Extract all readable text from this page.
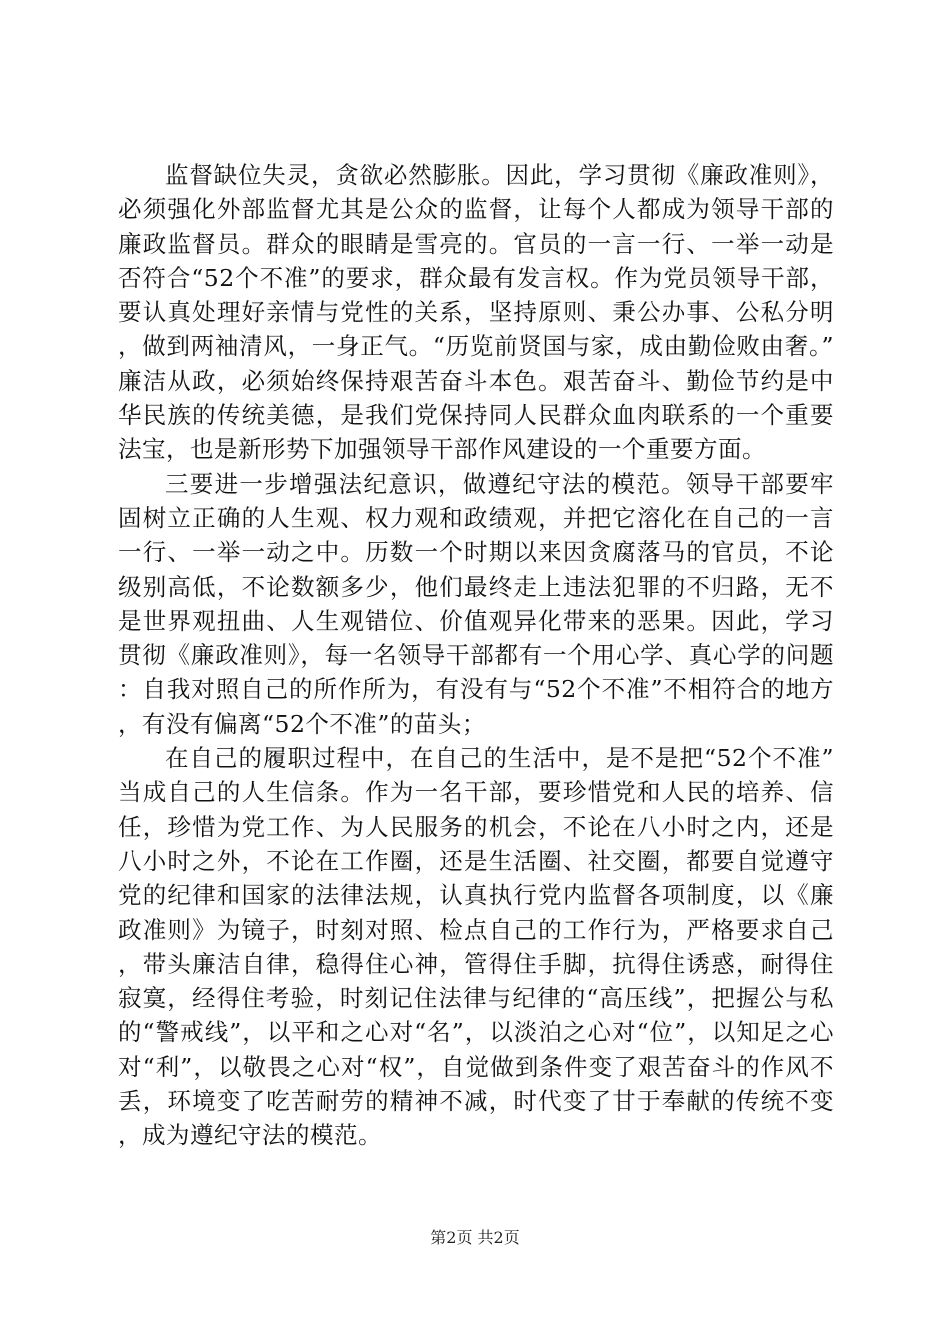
监督缺位失灵，贪欲必然膨胀。因此，学习贯彻《廉政准则》，必须强化外部监督尤其是公众的监督，让每个人都成为领导干部的廉政监督员。群众的眼睛是雪亮的。官员的一言一行、一举一动是否符合“52个不准”的要求，群众最有发言权。作为党员领导干部，要认真处理好亲情与党性的关系，坚持原则、秉公办事、公私分明，做到两袖清风，一身正气。“历览前贤国与家，成由勤俭败由奢。”廉洁从政，必须始终保持艰苦奋斗本色。艰苦奋斗、勤俭节约是中华民族的传统美德，是我们党保持同人民群众血肉联系的一个重要法宝，也是新形势下加强领导干部作风建设的一个重要方面。

三要进一步增强法纪意识，做遵纪守法的模范。领导干部要牢固树立正确的人生观、权力观和政绩观，并把它溶化在自己的一言一行、一举一动之中。历数一个时期以来因贪腐落马的官员，不论级别高低，不论数额多少，他们最终走上违法犯罪的不归路，无不是世界观扭曲、人生观错位、价值观异化带来的恶果。因此，学习贯彻《廉政准则》，每一名领导干部都有一个用心学、真心学的问题：自我对照自己的所作所为，有没有与“52个不准”不相符合的地方，有没有偏离“52个不准”的苗头；

在自己的履职过程中，在自己的生活中，是不是把“52个不准”当成自己的人生信条。作为一名干部，要珍惜党和人民的培养、信任，珍惜为党工作、为人民服务的机会，不论在八小时之内，还是八小时之外，不论在工作圈，还是生活圈、社交圈，都要自觉遵守党的纪律和国家的法律法规，认真执行党内监督各项制度，以《廉政准则》为镜子，时刻对照、检点自己的工作行为，严格要求自己，带头廉洁自律，稳得住心神，管得住手脚，抗得住诱惑，耐得住寂寞，经得住考验，时刻记住法律与纪律的“高压线”，把握公与私的“警戒线”，以平和之心对“名”，以淡泊之心对“位”，以知足之心对“利”，以敬畏之心对“权”，自觉做到条件变了艰苦奋斗的作风不丢，环境变了吃苦耐劳的精神不减，时代变了甘于奉献的传统不变，成为遵纪守法的模范。

第2页 共2页
